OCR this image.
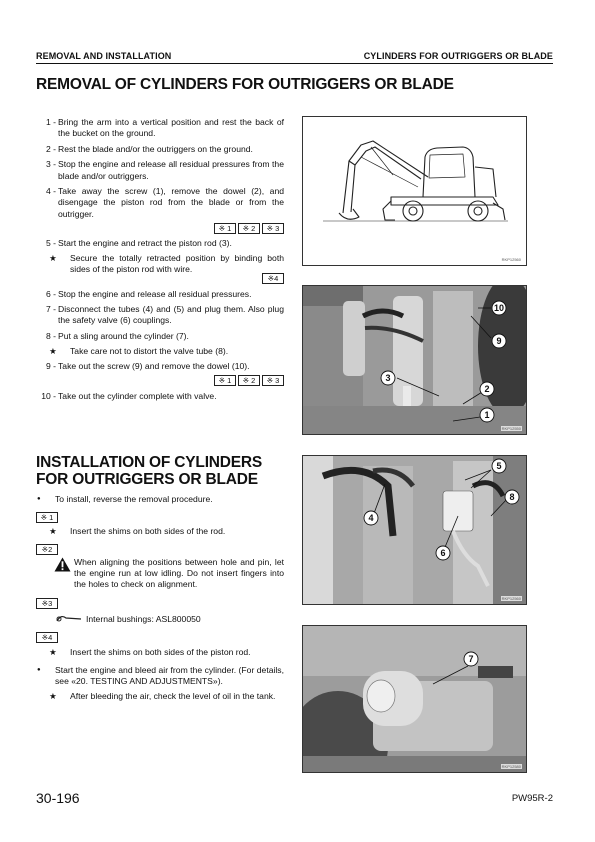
REMOVAL AND INSTALLATION	CYLINDERS FOR OUTRIGGERS OR BLADE
REMOVAL OF CYLINDERS FOR OUTRIGGERS OR BLADE
1 - Bring the arm into a vertical position and rest the back of the bucket on the ground.
2 - Rest the blade and/or the outriggers on the ground.
3 - Stop the engine and release all residual pressures from the blade and/or outriggers.
4 - Take away the screw (1), remove the dowel (2), and disengage the piston rod from the blade or from the outrigger.
※ 1 ※ 2 ※ 3
5 - Start the engine and retract the piston rod (3).
★	Secure the totally retracted position by binding both sides of the piston rod with wire.
※4
6 - Stop the engine and release all residual pressures.
7 - Disconnect the tubes (4) and (5) and plug them. Also plug the safety valve (6) couplings.
8 - Put a sling around the cylinder (7).
★	Take care not to distort the valve tube (8).
9 - Take out the screw (9) and remove the dowel (10).
※ 1 ※ 2 ※ 3
10 - Take out the cylinder complete with valve.
INSTALLATION OF CYLINDERS
FOR OUTRIGGERS OR BLADE
●	To install, reverse the removal procedure.
※ 1
★	Insert the shims on both sides of the rod.
※2
When aligning the positions between hole and pin, let the engine run at low idling. Do not insert fingers into the holes to check on alignment.
※3
Internal bushings: ASL800050
※4
★	Insert the shims on both sides of the piston rod.
●	Start the engine and bleed air from the cylinder. (For details, see «20. TESTING AND ADJUSTMENTS»).
★	After bleeding the air, check the level of oil in the tank.
RKP12560
10
9
3
2
1
RKP12550
5
8
4
6
RKP12560
7
RKP12580
30-196	PW95R-2
